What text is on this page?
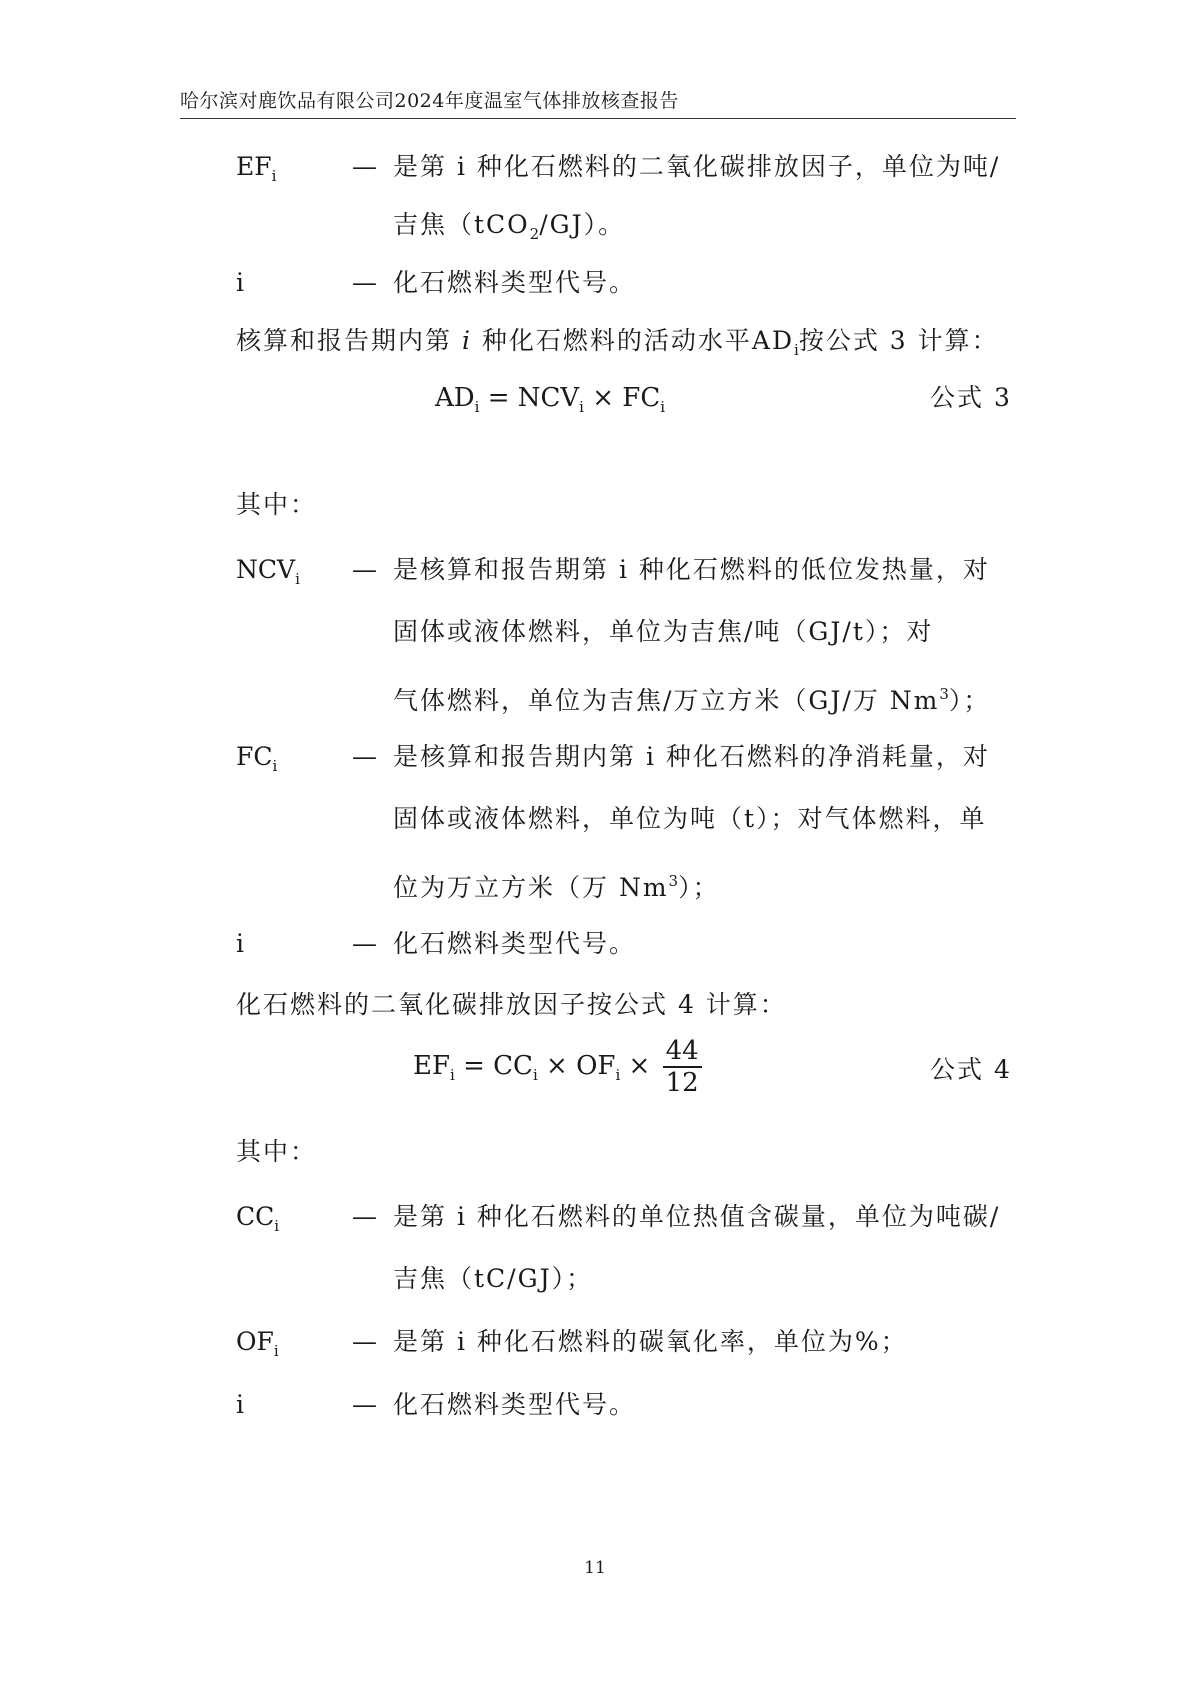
哈尔滨对鹿饮品有限公司2024年度温室气体排放核查报告
$EF_i$	— 是第 i 种化石燃料的二氧化碳排放因子，单位为吨/
吉焦（tCO$_2$/GJ）。
i	— 化石燃料类型代号。
核算和报告期内第 i 种化石燃料的活动水平$AD_i$按公式 3 计算：
$AD_i = NCV_i \times FC_i$	公式 3
其中：
$NCV_i$ — 是核算和报告期第 i 种化石燃料的低位发热量，对
固体或液体燃料，单位为吉焦/吨（GJ/t）；对
气体燃料，单位为吉焦/万立方米（GJ/万 Nm$^3$）；
$FC_i$	— 是核算和报告期内第 i 种化石燃料的净消耗量，对
固体或液体燃料，单位为吨（t）；对气体燃料，单
位为万立方米（万 Nm$^3$）；
i	— 化石燃料类型代号。
化石燃料的二氧化碳排放因子按公式 4 计算：
$EF_i = CC_i \times OF_i \times \frac{44}{12}$	公式 4
其中：
$CC_i$	— 是第 i 种化石燃料的单位热值含碳量，单位为吨碳/
吉焦（tC/GJ）；
$OF_i$	— 是第 i 种化石燃料的碳氧化率，单位为%；
i	— 化石燃料类型代号。
11
